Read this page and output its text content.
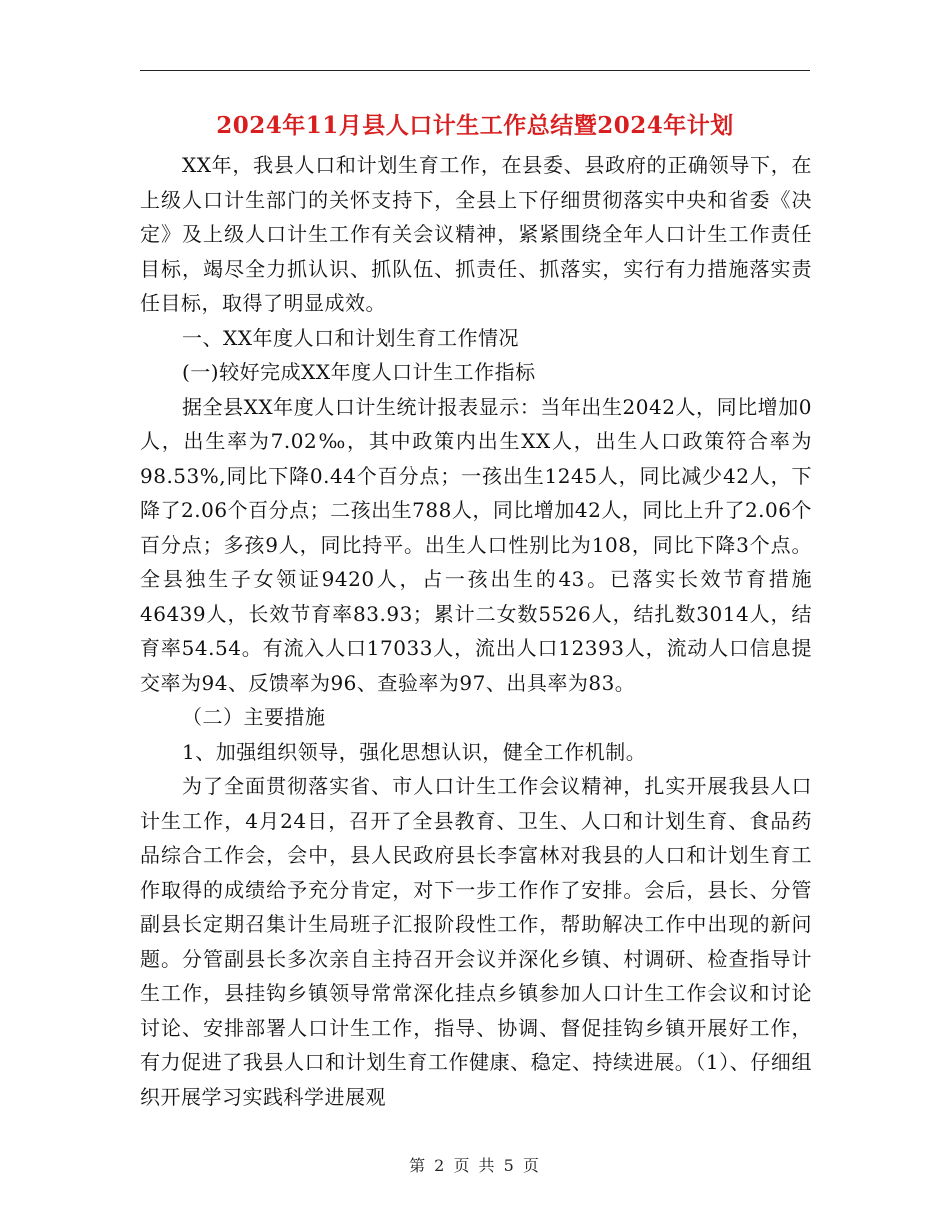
2024年11月县人口计生工作总结暨2024年计划

XX年，我县人口和计划生育工作，在县委、县政府的正确领导下，在上级人口计生部门的关怀支持下，全县上下仔细贯彻落实中央和省委《决定》及上级人口计生工作有关会议精神，紧紧围绕全年人口计生工作责任目标，竭尽全力抓认识、抓队伍、抓责任、抓落实，实行有力措施落实责任目标，取得了明显成效。

一、XX年度人口和计划生育工作情况

(一)较好完成XX年度人口计生工作指标

据全县XX年度人口计生统计报表显示：当年出生2042人，同比增加0人，出生率为7.02‰，其中政策内出生XX人，出生人口政策符合率为98.53%,同比下降0.44个百分点；一孩出生1245人，同比减少42人，下降了2.06个百分点；二孩出生788人，同比增加42人，同比上升了2.06个百分点；多孩9人，同比持平。出生人口性别比为108，同比下降3个点。全县独生子女领证9420人，占一孩出生的43。已落实长效节育措施46439人，长效节育率83.93；累计二女数5526人，结扎数3014人，结育率54.54。有流入人口17033人，流出人口12393人，流动人口信息提交率为94、反馈率为96、查验率为97、出具率为83。

（二）主要措施

1、加强组织领导，强化思想认识，健全工作机制。

为了全面贯彻落实省、市人口计生工作会议精神，扎实开展我县人口计生工作，4月24日，召开了全县教育、卫生、人口和计划生育、食品药品综合工作会，会中，县人民政府县长李富林对我县的人口和计划生育工作取得的成绩给予充分肯定，对下一步工作作了安排。会后，县长、分管副县长定期召集计生局班子汇报阶段性工作，帮助解决工作中出现的新问题。分管副县长多次亲自主持召开会议并深化乡镇、村调研、检查指导计生工作，县挂钩乡镇领导常常深化挂点乡镇参加人口计生工作会议和讨论讨论、安排部署人口计生工作，指导、协调、督促挂钩乡镇开展好工作，有力促进了我县人口和计划生育工作健康、稳定、持续进展。（1）、仔细组织开展学习实践科学进展观

第 2 页 共 5 页
